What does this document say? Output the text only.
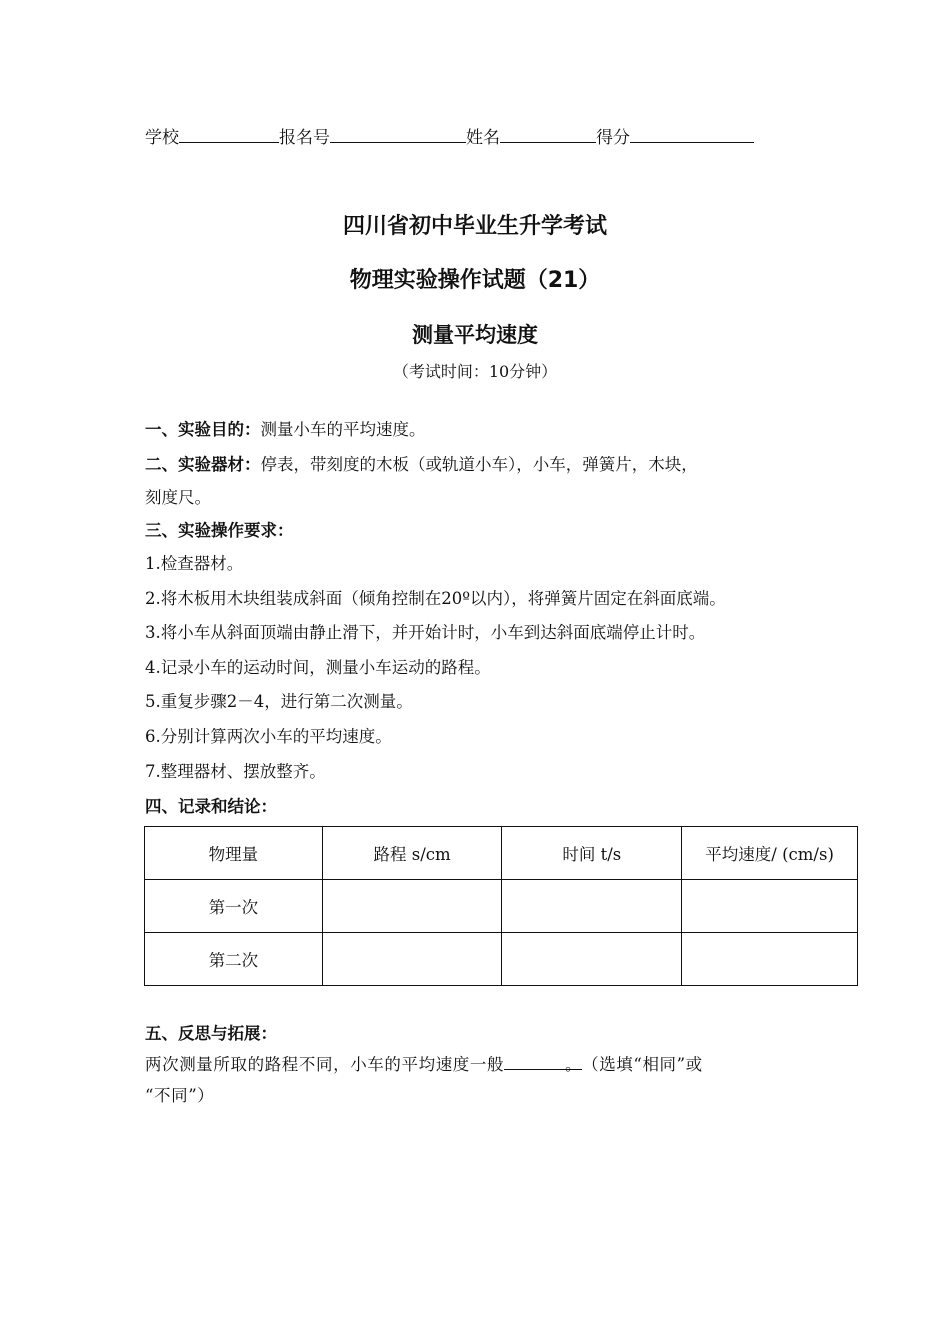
学校	报名号	姓名	得分
四川省初中毕业生升学考试
物理实验操作试题（21）
测量平均速度
（考试时间：10分钟）
一、实验目的：测量小车的平均速度。
二、实验器材：停表，带刻度的木板（或轨道小车），小车，弹簧片，木块，
刻度尺。
三、实验操作要求：
1.检查器材。
2.将木板用木块组装成斜面（倾角控制在20º以内），将弹簧片固定在斜面底端。
3.将小车从斜面顶端由静止滑下，并开始计时，小车到达斜面底端停止计时。
4.记录小车的运动时间，测量小车运动的路程。
5.重复步骤2－4，进行第二次测量。
6.分别计算两次小车的平均速度。
7.整理器材、摆放整齐。
四、记录和结论：
物理量	路程 s/cm	时间 t/s	平均速度/ (cm/s)
第一次			
第二次			
五、反思与拓展：
两次测量所取的路程不同，小车的平均速度一般	。（选填“相同”或
“不同”）
